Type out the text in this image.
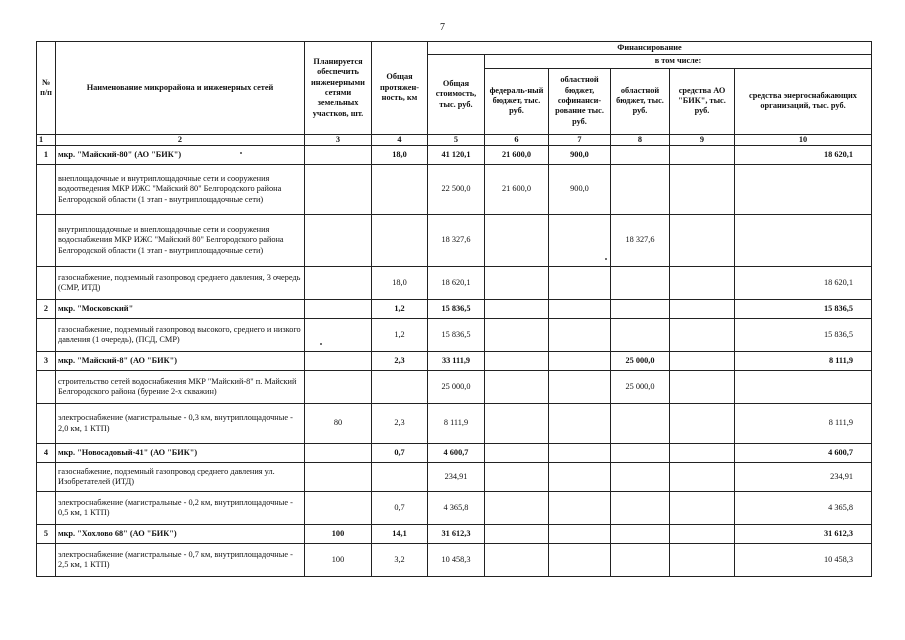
7
№ п/п	Наименование микрорайона и инженерных сетей	Планируется обеспечить инженерными сетями земельных участков, шт.	Общая протяжен-ность, км	Финансирование					
				Общая стоимость, тыс. руб.	в том числе:				
					федераль-ный бюджет, тыс. руб.	областной бюджет, софинанси-рование тыс. руб.	областной бюджет, тыс. руб.	средства АО "БИК", тыс. руб.	средства энергоснабжающих организаций, тыс. руб.
1	2	3	4	5	6	7	8	9	10
1	мкр. "Майский-80" (АО "БИК")		18,0	41 120,1	21 600,0	900,0			18 620,1
	внеплощадочные и внутриплощадочные сети и сооружения водоотведения МКР ИЖС "Майский 80" Белгородского района Белгородской области (1 этап - внутриплощадочные сети)			22 500,0	21 600,0	900,0			
	внутриплощадочные и внеплощадочные сети и сооружения водоснабжения МКР ИЖС "Майский 80" Белгородского района Белгородской области (1 этап - внутриплощадочные сети)			18 327,6			18 327,6		
	газоснабжение, подземный газопровод среднего давления, 3 очередь (СМР, ИТД)		18,0	18 620,1					18 620,1
2	мкр. "Московский"		1,2	15 836,5					15 836,5
	газоснабжение, подземный газопровод высокого, среднего и низкого давления (1 очередь), (ПСД, СМР)		1,2	15 836,5					15 836,5
3	мкр. "Майский-8" (АО "БИК")		2,3	33 111,9			25 000,0		8 111,9
	строительство сетей водоснабжения МКР "Майский-8" п. Майский Белгородского района (бурение 2-х скважин)			25 000,0			25 000,0		
	электроснабжение (магистральные - 0,3 км, внутриплощадочные - 2,0 км, 1 КТП)	80	2,3	8 111,9					8 111,9
4	мкр. "Новосадовый-41" (АО "БИК")		0,7	4 600,7					4 600,7
	газоснабжение, подземный газопровод среднего давления ул. Изобретателей (ИТД)			234,91					234,91
	электроснабжение (магистральные - 0,2 км, внутриплощадочные - 0,5 км, 1 КТП)		0,7	4 365,8					4 365,8
5	мкр. "Хохлово 68" (АО "БИК")	100	14,1	31 612,3					31 612,3
	электроснабжение (магистральные - 0,7 км, внутриплощадочные - 2,5 км, 1 КТП)	100	3,2	10 458,3					10 458,3
